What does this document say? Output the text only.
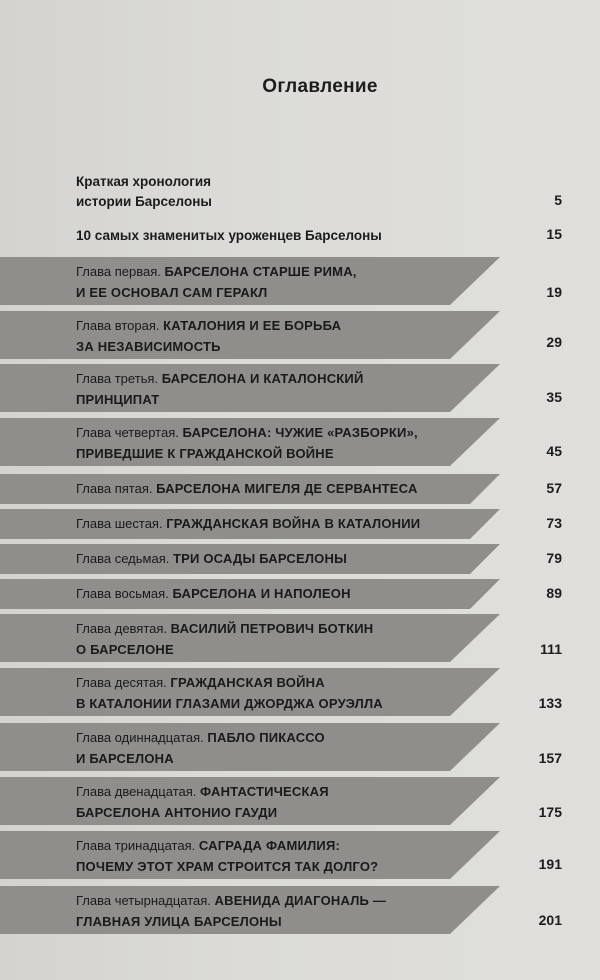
Оглавление
Краткая хронология
истории Барселоны	5
10 самых знаменитых уроженцев Барселоны	15
Глава первая. БАРСЕЛОНА СТАРШЕ РИМА,
И ЕЕ ОСНОВАЛ САМ ГЕРАКЛ	19
Глава вторая. КАТАЛОНИЯ И ЕЕ БОРЬБА
ЗА НЕЗАВИСИМОСТЬ	29
Глава третья. БАРСЕЛОНА И КАТАЛОНСКИЙ
ПРИНЦИПАТ	35
Глава четвертая. БАРСЕЛОНА: ЧУЖИЕ «РАЗБОРКИ»,
ПРИВЕДШИЕ К ГРАЖДАНСКОЙ ВОЙНЕ	45
Глава пятая. БАРСЕЛОНА МИГЕЛЯ ДЕ СЕРВАНТЕСА	57
Глава шестая. ГРАЖДАНСКАЯ ВОЙНА В КАТАЛОНИИ	73
Глава седьмая. ТРИ ОСАДЫ БАРСЕЛОНЫ	79
Глава восьмая. БАРСЕЛОНА И НАПОЛЕОН	89
Глава девятая. ВАСИЛИЙ ПЕТРОВИЧ БОТКИН
О БАРСЕЛОНЕ	111
Глава десятая. ГРАЖДАНСКАЯ ВОЙНА
В КАТАЛОНИИ ГЛАЗАМИ ДЖОРДЖА ОРУЭЛЛА	133
Глава одиннадцатая. ПАБЛО ПИКАССО
И БАРСЕЛОНА	157
Глава двенадцатая. ФАНТАСТИЧЕСКАЯ
БАРСЕЛОНА АНТОНИО ГАУДИ	175
Глава тринадцатая. САГРАДА ФАМИЛИЯ:
ПОЧЕМУ ЭТОТ ХРАМ СТРОИТСЯ ТАК ДОЛГО?	191
Глава четырнадцатая. АВЕНИДА ДИАГОНАЛЬ —
ГЛАВНАЯ УЛИЦА БАРСЕЛОНЫ	201
